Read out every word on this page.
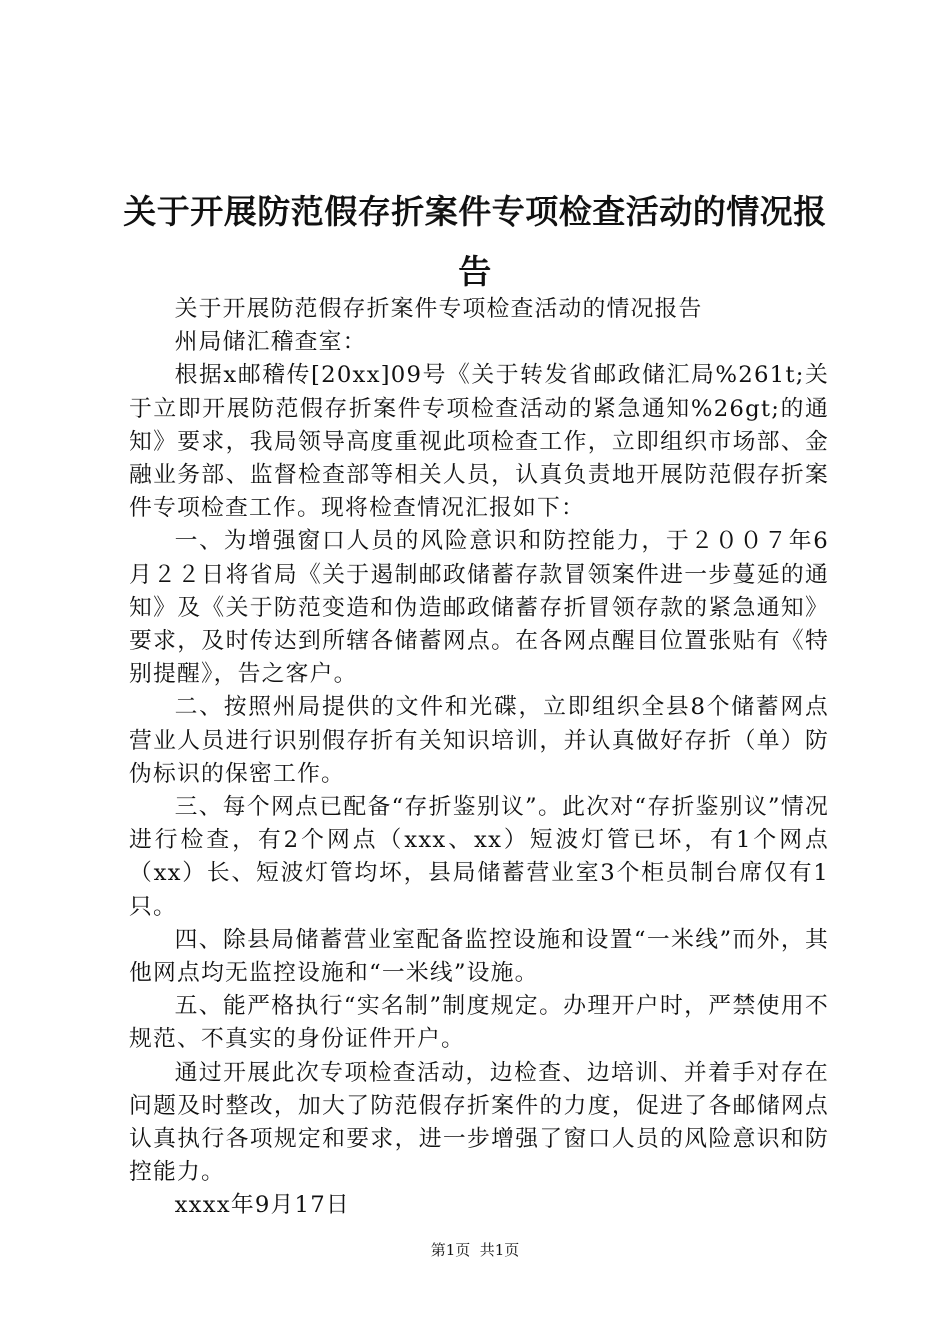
关于开展防范假存折案件专项检查活动的情况报告

关于开展防范假存折案件专项检查活动的情况报告

州局储汇稽查室：

根据x邮稽传[20xx]09号《关于转发省邮政储汇局%261t;关于立即开展防范假存折案件专项检查活动的紧急通知%26gt;的通知》要求，我局领导高度重视此项检查工作，立即组织市场部、金融业务部、监督检查部等相关人员，认真负责地开展防范假存折案件专项检查工作。现将检查情况汇报如下：

一、为增强窗口人员的风险意识和防控能力，于２００７年6月２２日将省局《关于遏制邮政储蓄存款冒领案件进一步蔓延的通知》及《关于防范变造和伪造邮政储蓄存折冒领存款的紧急通知》要求，及时传达到所辖各储蓄网点。在各网点醒目位置张贴有《特别提醒》，告之客户。

二、按照州局提供的文件和光碟，立即组织全县8个储蓄网点营业人员进行识别假存折有关知识培训，并认真做好存折（单）防伪标识的保密工作。

三、每个网点已配备“存折鉴别议”。此次对“存折鉴别议”情况进行检查，有2个网点（xxx、xx）短波灯管已坏，有1个网点（xx）长、短波灯管均坏，县局储蓄营业室3个柜员制台席仅有1只。

四、除县局储蓄营业室配备监控设施和设置“一米线”而外，其他网点均无监控设施和“一米线”设施。

五、能严格执行“实名制”制度规定。办理开户时，严禁使用不规范、不真实的身份证件开户。

通过开展此次专项检查活动，边检查、边培训、并着手对存在问题及时整改，加大了防范假存折案件的力度，促进了各邮储网点认真执行各项规定和要求，进一步增强了窗口人员的风险意识和防控能力。

xxxx年9月17日

第1页  共1页
